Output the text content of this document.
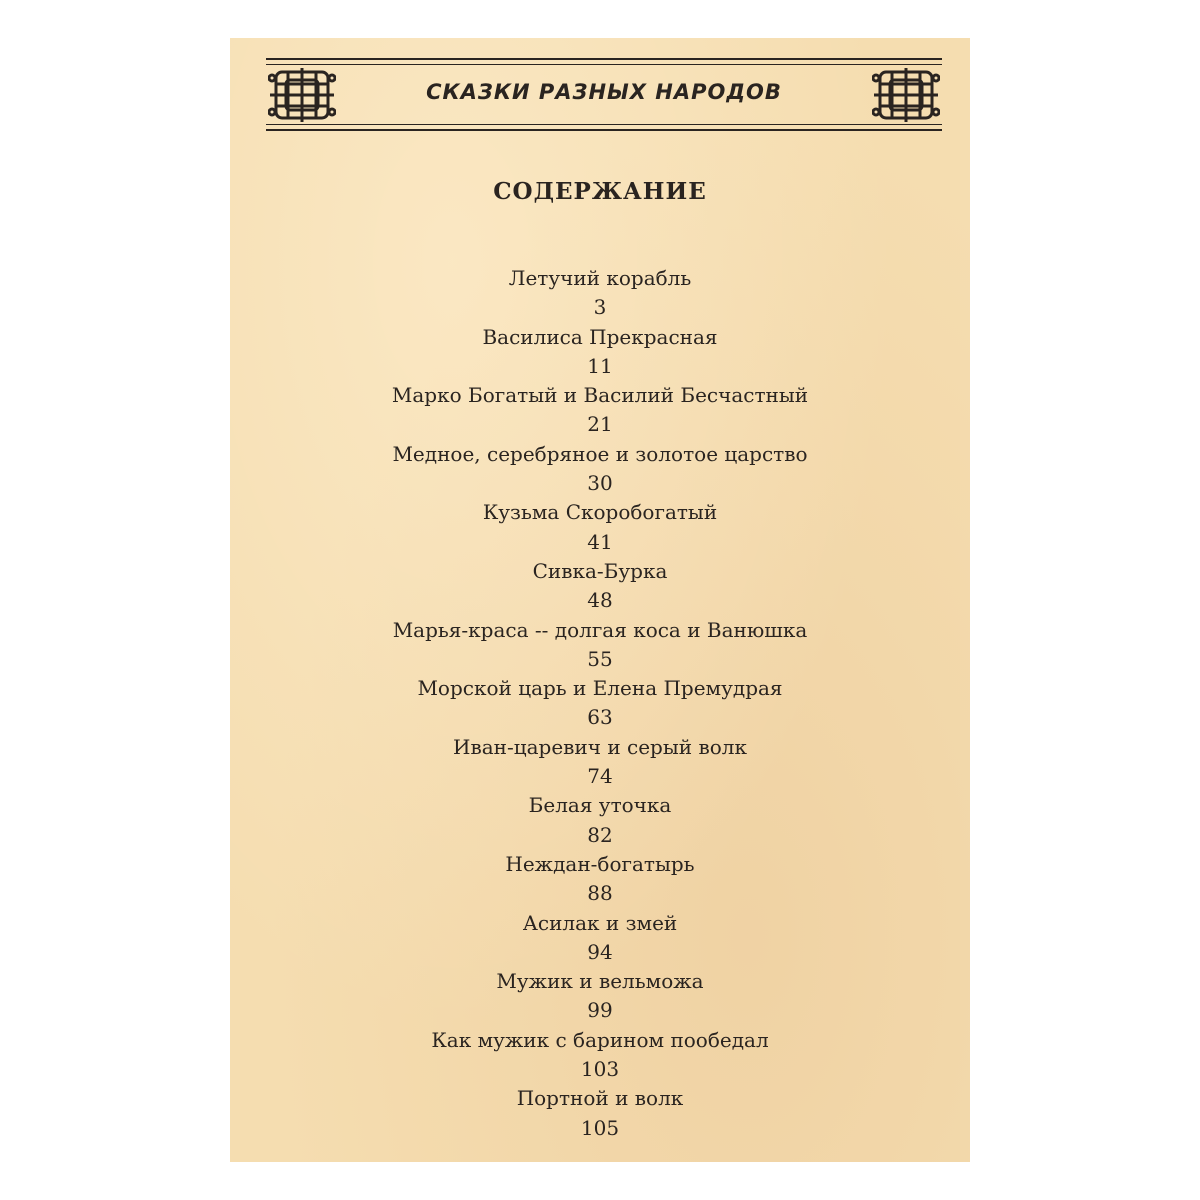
СКАЗКИ РАЗНЫХ НАРОДОВ
СОДЕРЖАНИЕ
Летучий корабль
3
Василиса Прекрасная
11
Марко Богатый и Василий Бесчастный
21
Медное, серебряное и золотое царство
30
Кузьма Скоробогатый
41
Сивка-Бурка
48
Марья-краса -- долгая коса и Ванюшка
55
Морской царь и Елена Премудрая
63
Иван-царевич и серый волк
74
Белая уточка
82
Неждан-богатырь
88
Асилак и змей
94
Мужик и вельможа
99
Как мужик с барином пообедал
103
Портной и волк
105
